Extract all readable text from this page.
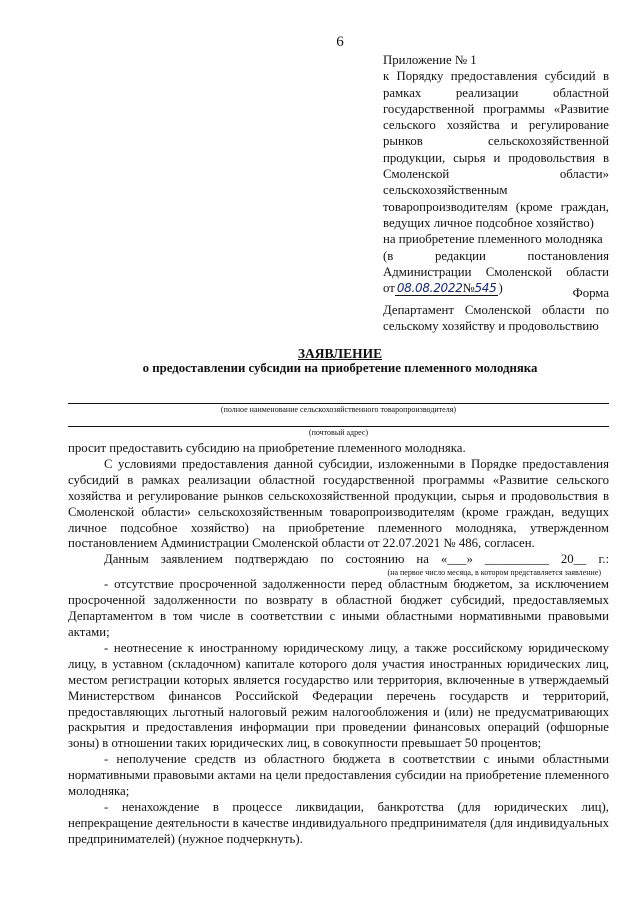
6
Приложение № 1
к Порядку предоставления субсидий в
рамках реализации областной
государственной программы «Развитие
сельского хозяйства и регулирование
рынков сельскохозяйственной
продукции, сырья и продовольствия в
Смоленской области»
сельскохозяйственным
товаропроизводителям (кроме граждан,
ведущих личное подсобное хозяйство)
на приобретение племенного молодняка
(в редакции постановления
Администрации Смоленской области
от 08.08.2022№545 )	Форма
Департамент Смоленской области по
сельскому хозяйству и продовольствию
ЗАЯВЛЕНИЕ
о предоставлении субсидии на приобретение племенного молодняка
(полное наименование сельскохозяйственного товаропроизводителя)
(почтовый адрес)
просит предоставить субсидию на приобретение племенного молодняка.
С условиями предоставления данной субсидии, изложенными в Порядке предоставления
субсидий в рамках реализации областной государственной программы «Развитие сельского
хозяйства и регулирование рынков сельскохозяйственной продукции, сырья и продовольствия в
Смоленской области» сельскохозяйственным товаропроизводителям (кроме граждан, ведущих
личное подсобное хозяйство) на приобретение племенного молодняка, утвержденном
постановлением Администрации Смоленской области от 22.07.2021 № 486, согласен.
Данным заявлением подтверждаю по состоянию на «___» __________ 20__ г.:
(на первое число месяца, в котором представляется заявление)
- отсутствие просроченной задолженности перед областным бюджетом, за исключением
просроченной задолженности по возврату в областной бюджет субсидий, предоставляемых
Департаментом в том числе в соответствии с иными областными нормативными правовыми
актами;
- неотнесение к иностранному юридическому лицу, а также российскому юридическому
лицу, в уставном (складочном) капитале которого доля участия иностранных юридических лиц,
местом регистрации которых является государство или территория, включенные в утверждаемый
Министерством финансов Российской Федерации перечень государств и территорий,
предоставляющих льготный налоговый режим налогообложения и (или) не предусматривающих
раскрытия и предоставления информации при проведении финансовых операций (офшорные
зоны) в отношении таких юридических лиц, в совокупности превышает 50 процентов;
- неполучение средств из областного бюджета в соответствии с иными областными
нормативными правовыми актами на цели предоставления субсидии на приобретение племенного
молодняка;
- ненахождение в процессе ликвидации, банкротства (для юридических лиц),
непрекращение деятельности в качестве индивидуального предпринимателя (для индивидуальных
предпринимателей) (нужное подчеркнуть).
